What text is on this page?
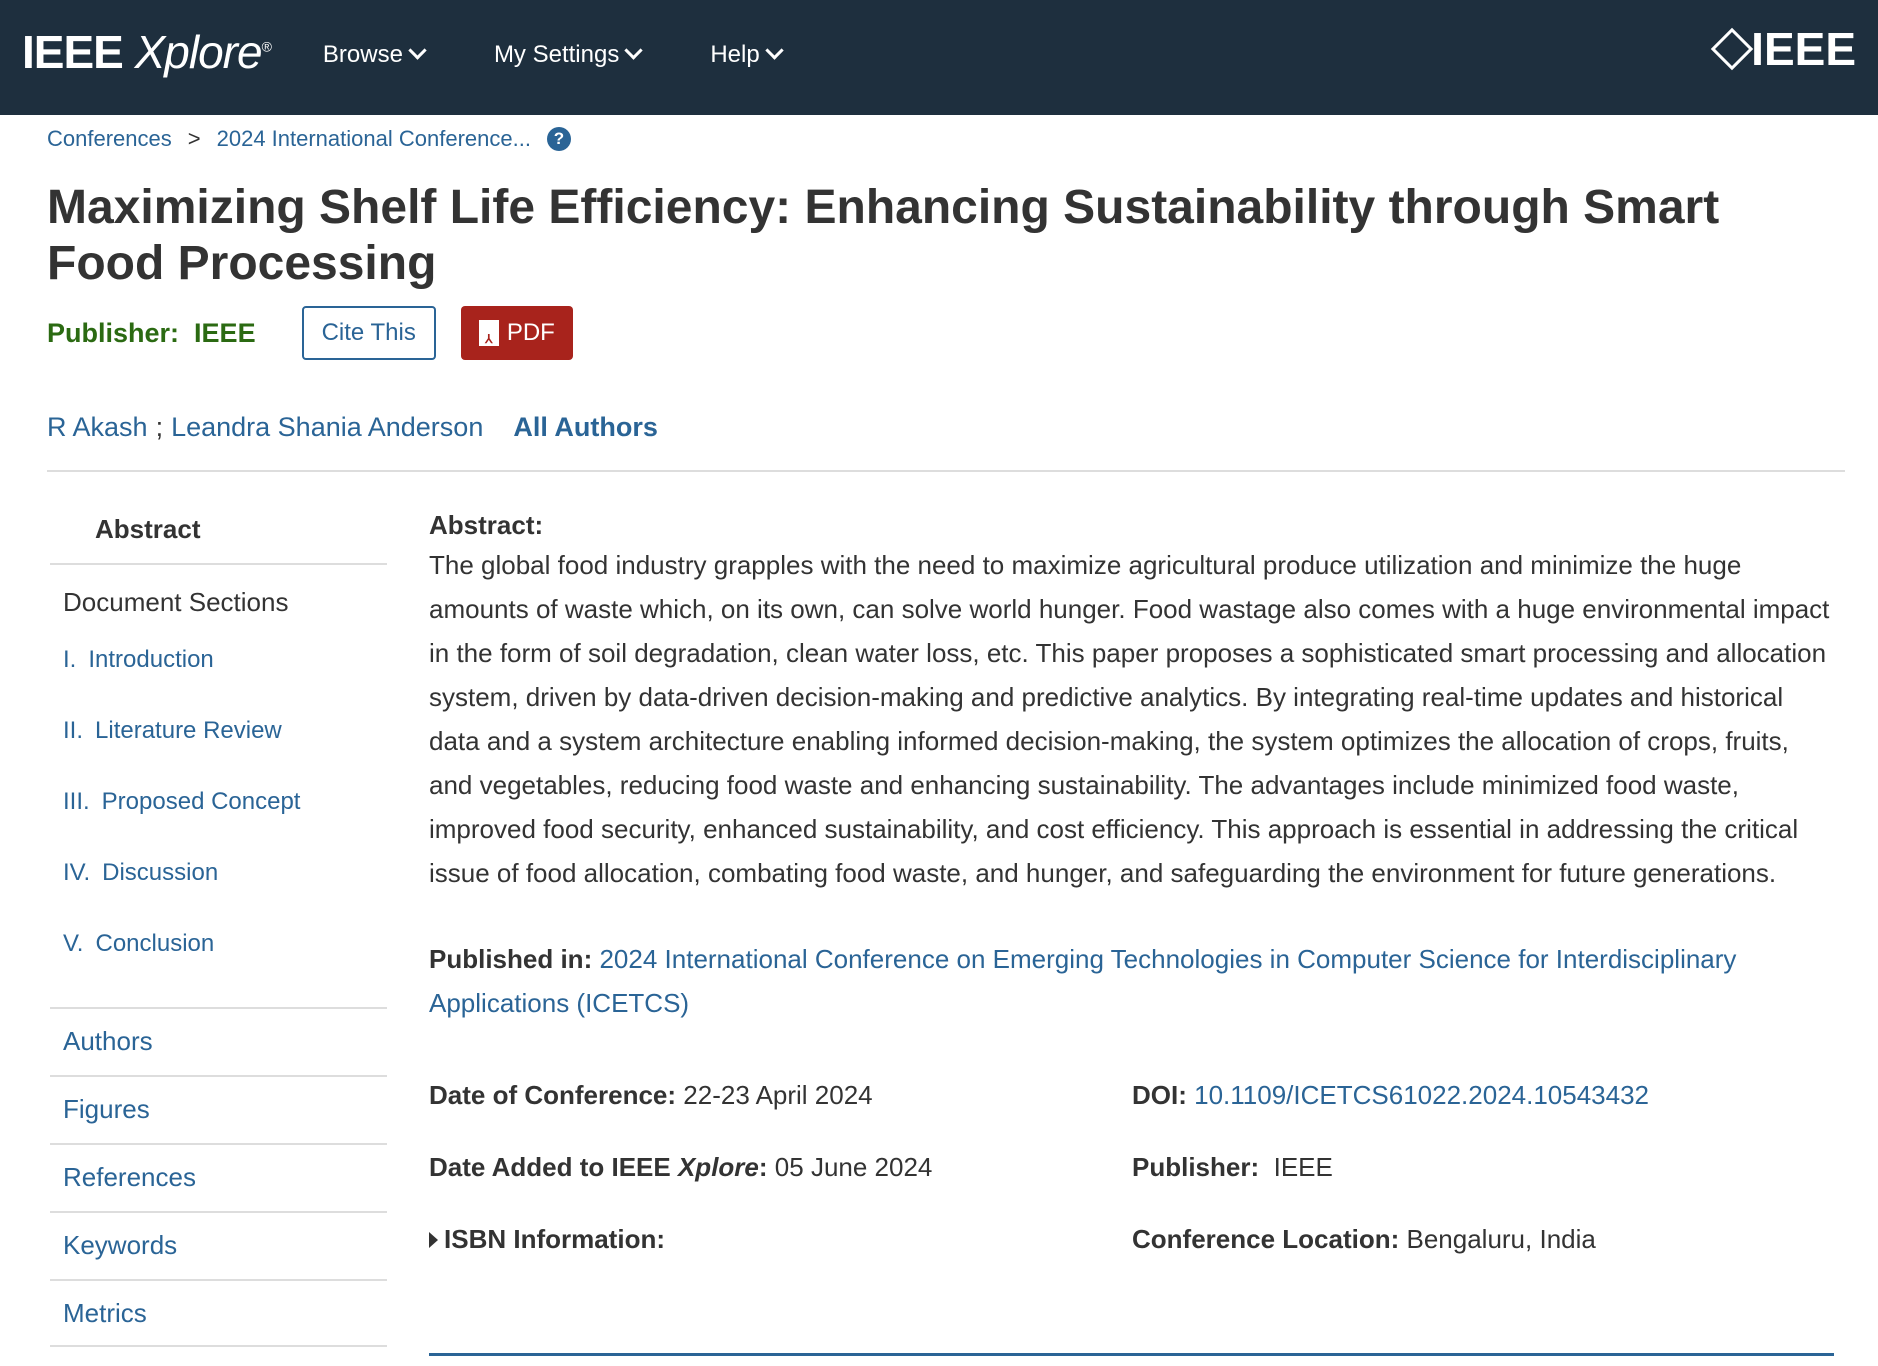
IEEE Xplore® Browse	My Settings	Help	IEEE
Conferences > 2024 International Conference...	?
Maximizing Shelf Life Efficiency: Enhancing Sustainability through Smart Food Processing
Publisher: IEEE	Cite This	⅄ PDF
R Akash ; Leandra Shania Anderson All Authors
Abstract
Document Sections
I. Introduction
II. Literature Review
III. Proposed Concept
IV. Discussion
V. Conclusion
Authors
Figures
References
Keywords
Metrics
Abstract:

The global food industry grapples with the need to maximize agricultural produce utilization and minimize the huge amounts of waste which, on its own, can solve world hunger. Food wastage also comes with a huge environmental impact in the form of soil degradation, clean water loss, etc. This paper proposes a sophisticated smart processing and allocation system, driven by data-driven decision-making and predictive analytics. By integrating real-time updates and historical data and a system architecture enabling informed decision-making, the system optimizes the allocation of crops, fruits, and vegetables, reducing food waste and enhancing sustainability. The advantages include minimized food waste, improved food security, enhanced sustainability, and cost efficiency. This approach is essential in addressing the critical issue of food allocation, combating food waste, and hunger, and safeguarding the environment for future generations.

Published in: 2024 International Conference on Emerging Technologies in Computer Science for Interdisciplinary Applications (ICETCS)
Date of Conference: 22-23 April 2024	DOI: 10.1109/ICETCS61022.2024.10543432
Date Added to IEEE Xplore: 05 June 2024	Publisher: IEEE
ISBN Information:	Conference Location: Bengaluru, India
